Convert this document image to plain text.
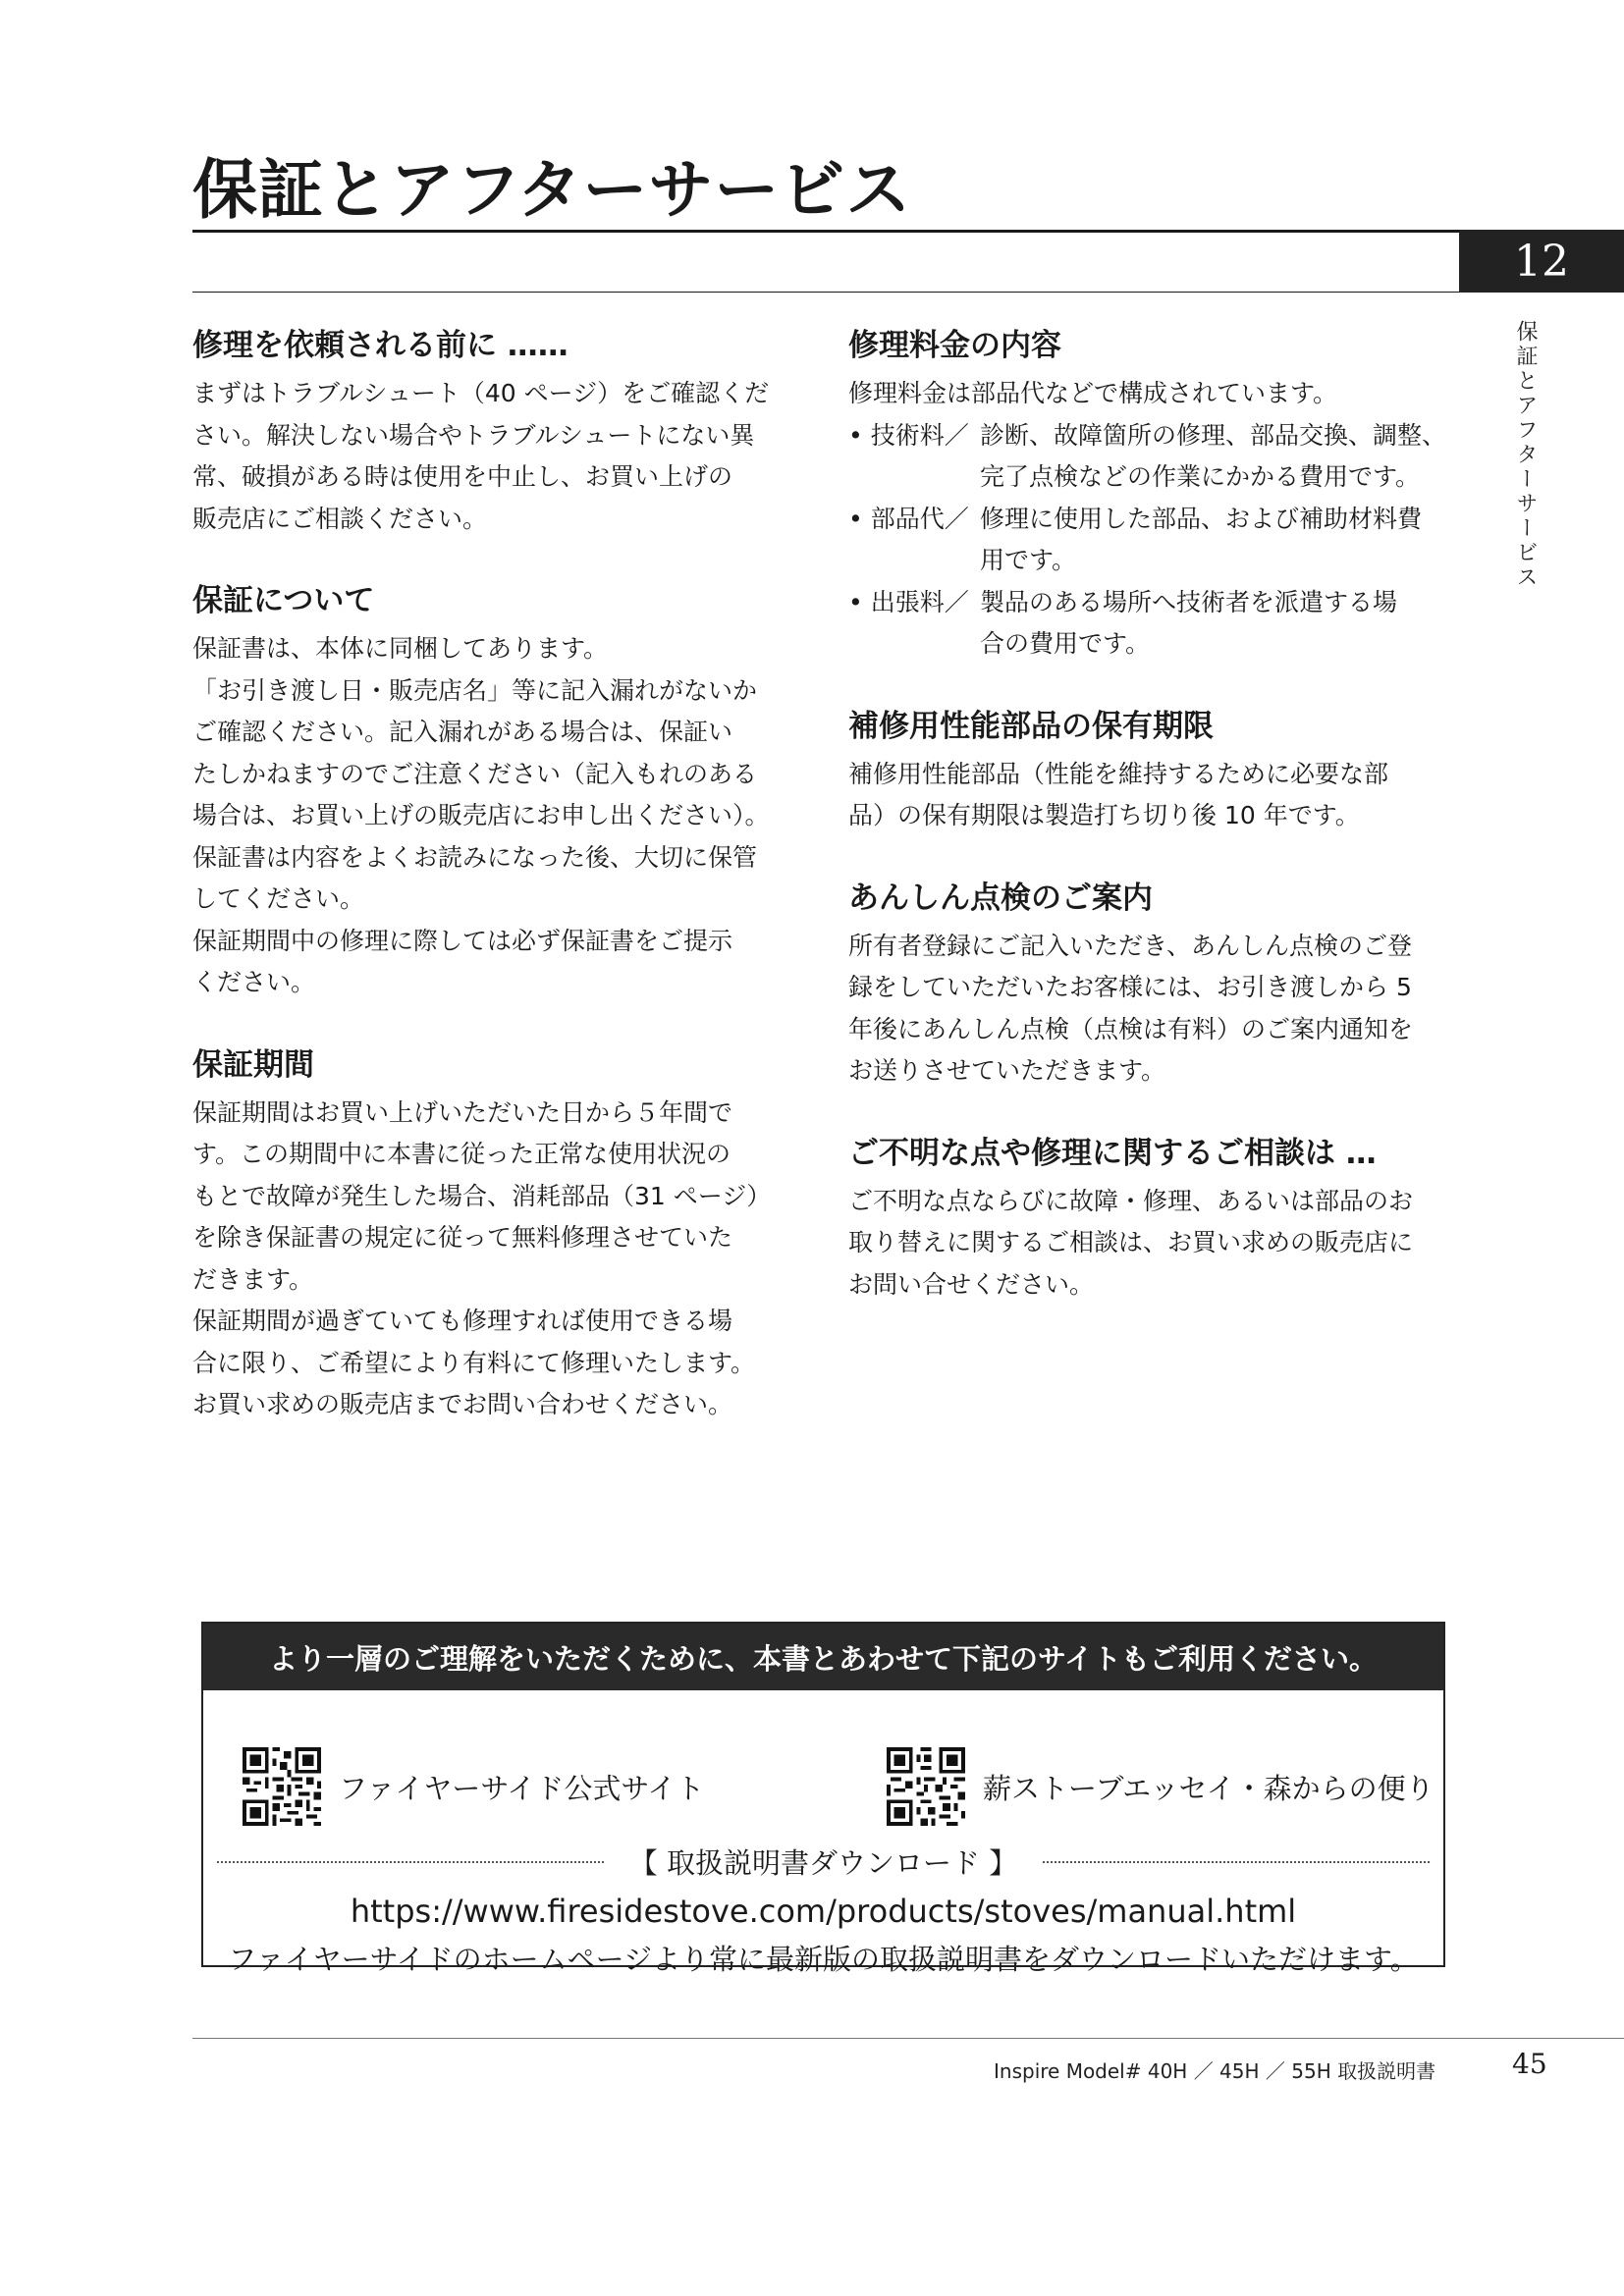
保証とアフターサービス
12
保証とアフターサービス
修理を依頼される前に ……

まずはトラブルシュート（40 ページ）をご確認くだ
さい。解決しない場合やトラブルシュートにない異
常、破損がある時は使用を中止し、お買い上げの
販売店にご相談ください。

保証について

保証書は、本体に同梱してあります。
「お引き渡し日・販売店名」等に記入漏れがないか
ご確認ください。記入漏れがある場合は、保証い
たしかねますのでご注意ください（記入もれのある
場合は、お買い上げの販売店にお申し出ください）。
保証書は内容をよくお読みになった後、大切に保管
してください。
保証期間中の修理に際しては必ず保証書をご提示
ください。

保証期間

保証期間はお買い上げいただいた日から５年間で
す。この期間中に本書に従った正常な使用状況の
もとで故障が発生した場合、消耗部品（31 ページ）
を除き保証書の規定に従って無料修理させていた
だきます。
保証期間が過ぎていても修理すれば使用できる場
合に限り、ご希望により有料にて修理いたします。
お買い求めの販売店までお問い合わせください。

修理料金の内容

修理料金は部品代などで構成されています。

• 技術料／ 診断、故障箇所の修理、部品交換、調整、
完了点検などの作業にかかる費用です。
• 部品代／ 修理に使用した部品、および補助材料費
用です。
• 出張料／ 製品のある場所へ技術者を派遣する場
合の費用です。
補修用性能部品の保有期限

補修用性能部品（性能を維持するために必要な部
品）の保有期限は製造打ち切り後 10 年です。

あんしん点検のご案内

所有者登録にご記入いただき、あんしん点検のご登
録をしていただいたお客様には、お引き渡しから 5
年後にあんしん点検（点検は有料）のご案内通知を
お送りさせていただきます。

ご不明な点や修理に関するご相談は …

ご不明な点ならびに故障・修理、あるいは部品のお
取り替えに関するご相談は、お買い求めの販売店に
お問い合せください。

より一層のご理解をいただくために、本書とあわせて下記のサイトもご利用ください。
ファイヤーサイド公式サイト	薪ストーブエッセイ・森からの便り
【 取扱説明書ダウンロード 】
https://www.firesidestove.com/products/stoves/manual.html
ファイヤーサイドのホームページより常に最新版の取扱説明書をダウンロードいただけます。
Inspire Model# 40H ／ 45H ／ 55H 取扱説明書	45
